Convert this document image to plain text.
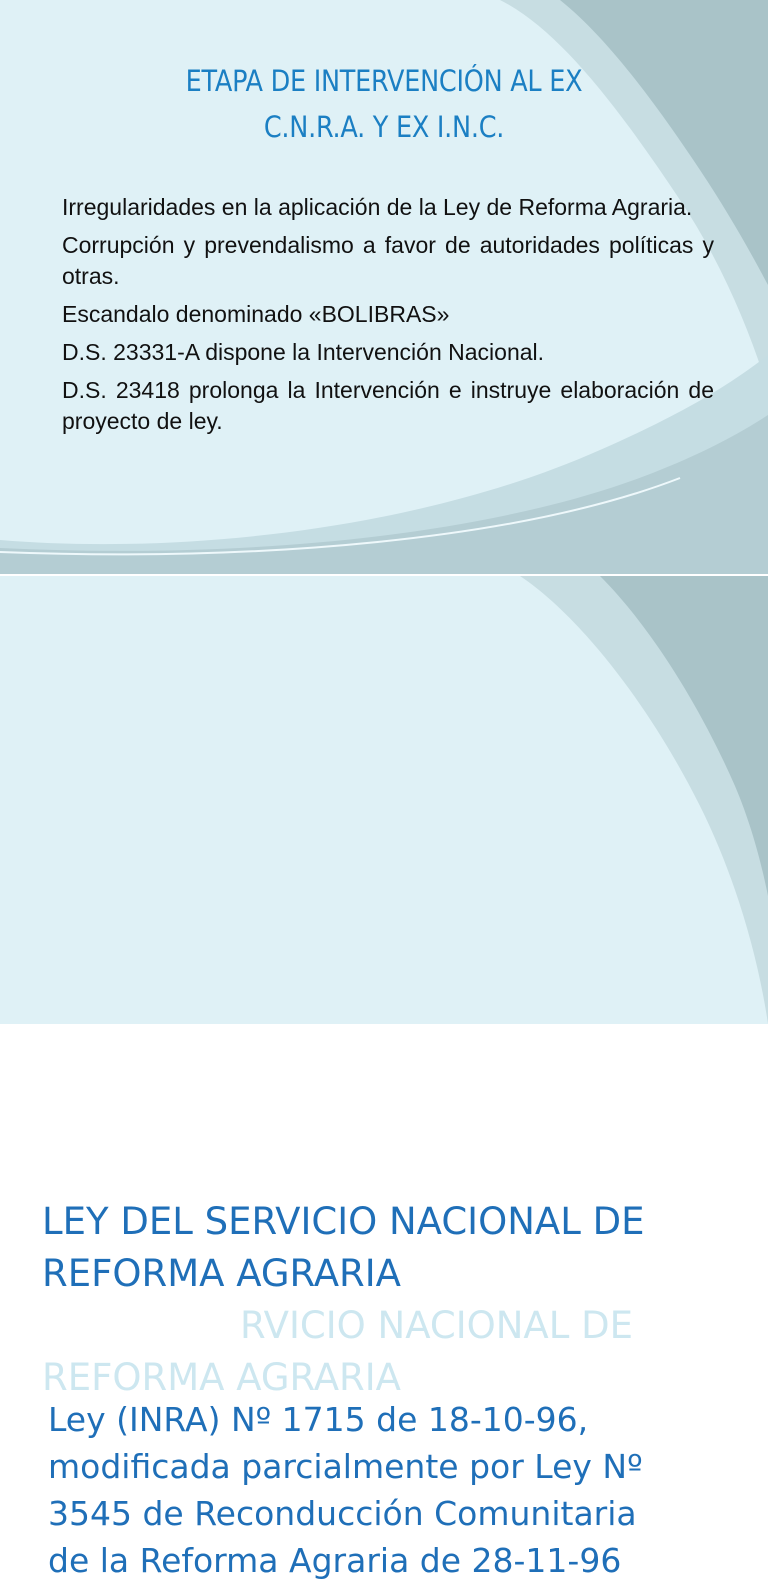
ETAPA DE INTERVENCIÓN AL EX
C.N.R.A. Y EX I.N.C.
Irregularidades en la aplicación de la Ley de Reforma Agraria.
Corrupción y prevendalismo a favor de autoridades políticas y otras.
Escandalo denominado «BOLIBRAS»
D.S. 23331-A dispone la Intervención Nacional.
D.S. 23418 prolonga la Intervención e instruye elaboración de proyecto de ley.
LEY DEL SERVICIO NACIONAL DE REFORMA AGRARIA

RVICIO NACIONAL DE REFORMA AGRARIA

Ley (INRA) Nº 1715 de 18-10-96, modificada parcialmente por Ley Nº 3545 de Reconducción Comunitaria de la Reforma Agraria de 28-11-96
